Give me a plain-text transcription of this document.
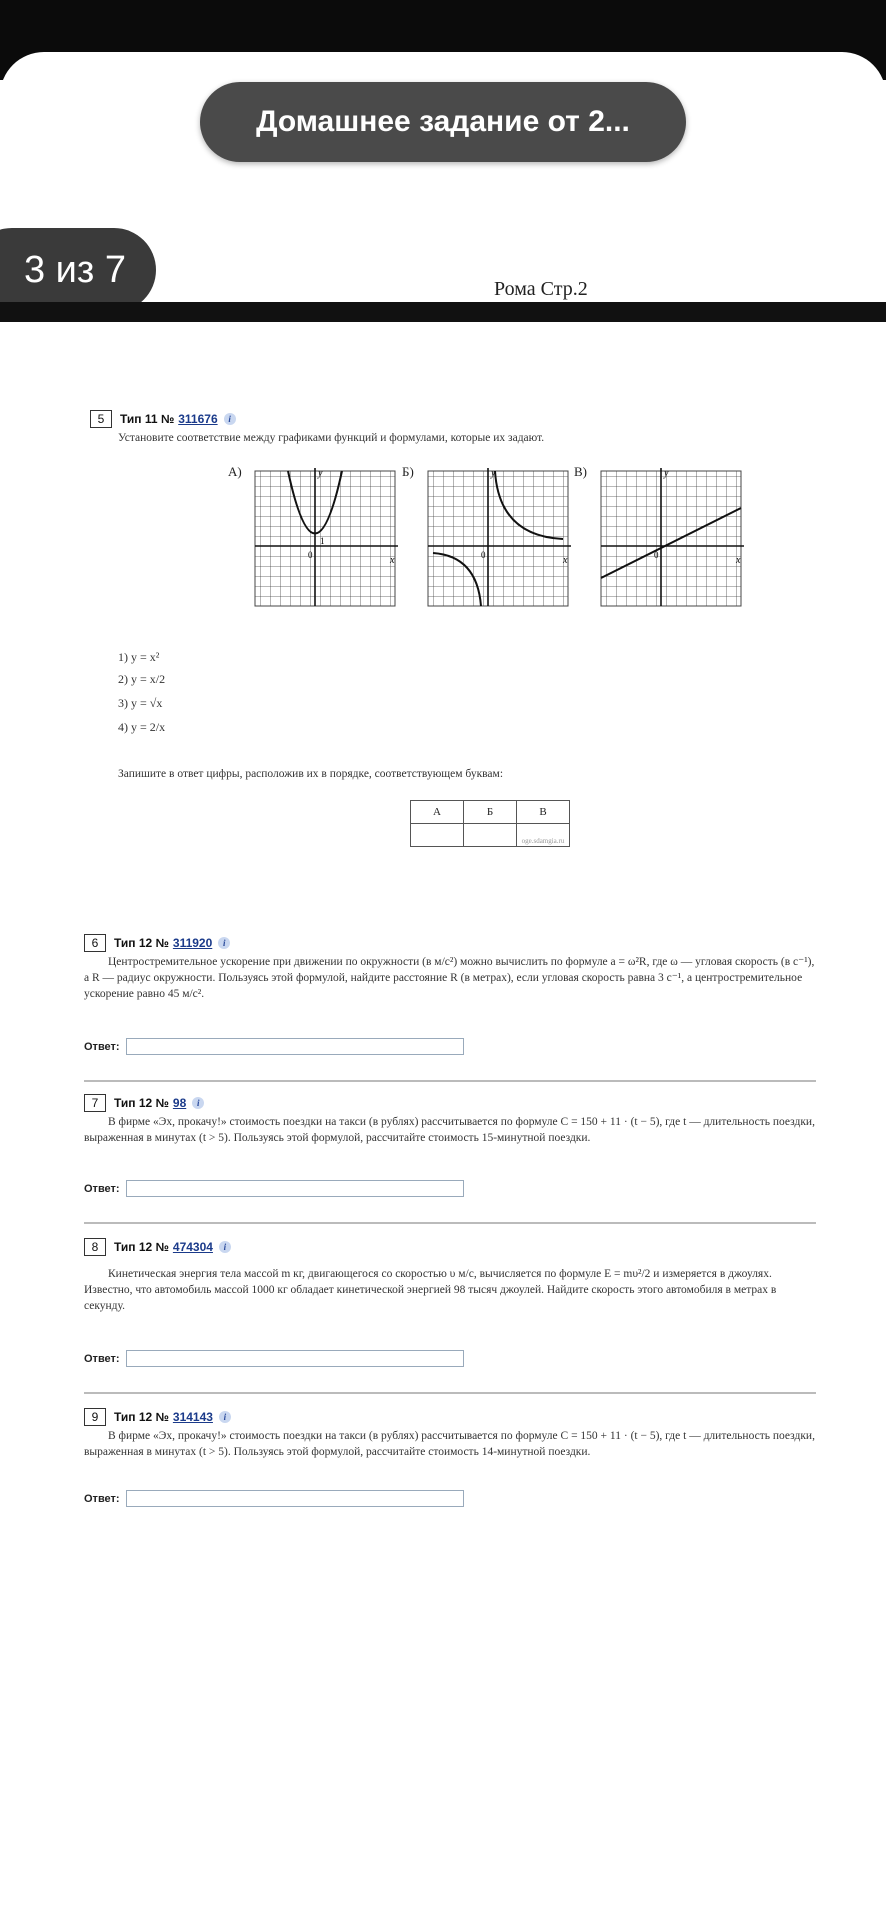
Домашнее задание от 2...
3 из 7	Рома Стр.2
5	Тип 11 № 311676	i
Установите соответствие между графиками функций и формулами, которые их задают.
А)	Б)	В)
1
0	x
y
0	x
y
0	x
y
1) y = x²
2) y = x/2
3) y = √x
4) y = 2/x
Запишите в ответ цифры, расположив их в порядке, соответствующем буквам:
А	Б	В
		oge.sdamgia.ru
6	Тип 12 № 311920	i
Центростремительное ускорение при движении по окружности (в м/с²) можно вычислить по формуле a = ω²R, где ω — угловая скорость (в с⁻¹), а R — радиус окружности. Пользуясь этой формулой, найдите расстояние R (в метрах), если угловая скорость равна 3 с⁻¹, а центростремительное ускорение равно 45 м/с².
Ответ:
7	Тип 12 № 98	i
В фирме «Эх, прокачу!» стоимость поездки на такси (в рублях) рассчитывается по формуле C = 150 + 11 · (t − 5), где t — длительность поездки, выраженная в минутах (t > 5). Пользуясь этой формулой, рассчитайте стоимость 15-минутной поездки.
Ответ:
8	Тип 12 № 474304	i
Кинетическая энергия тела массой m кг, двигающегося со скоростью υ м/с, вычисляется по формуле E = mυ²/2 и измеряется в джоулях. Известно, что автомобиль массой 1000 кг обладает кинетической энергией 98 тысяч джоулей. Найдите скорость этого автомобиля в метрах в секунду.
Ответ:
9	Тип 12 № 314143	i
В фирме «Эх, прокачу!» стоимость поездки на такси (в рублях) рассчитывается по формуле C = 150 + 11 · (t − 5), где t — длительность поездки, выраженная в минутах (t > 5). Пользуясь этой формулой, рассчитайте стоимость 14-минутной поездки.
Ответ:
